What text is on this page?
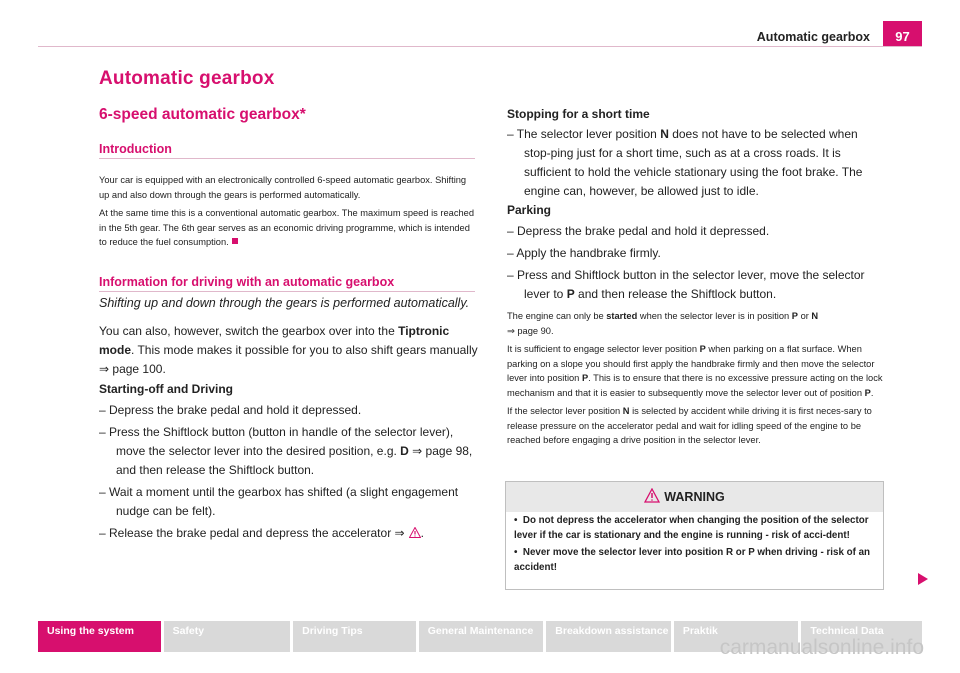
Automatic gearbox	97
Automatic gearbox
6-speed automatic gearbox*
Introduction

Your car is equipped with an electronically controlled 6-speed automatic gearbox. Shifting up and also down through the gears is performed automatically.

At the same time this is a conventional automatic gearbox. The maximum speed is reached in the 5th gear. The 6th gear serves as an economic driving programme, which is intended to reduce the fuel consumption.

Information for driving with an automatic gearbox
Shifting up and down through the gears is performed automatically.
You can also, however, switch the gearbox over into the Tiptronic mode. This mode makes it possible for you to also shift gears manually
⇒ page 100.
Starting-off and Driving

– Depress the brake pedal and hold it depressed.

– Press the Shiftlock button (button in handle of the selector lever), move the selector lever into the desired position, e.g. D ⇒ page 98,
and then release the Shiftlock button.

– Wait a moment until the gearbox has shifted (a slight engagement nudge can be felt).

– Release the brake pedal and depress the accelerator ⇒ .

Stopping for a short time

– The selector lever position N does not have to be selected when stop-ping just for a short time, such as at a cross roads. It is sufficient to hold the vehicle stationary using the foot brake. The engine can, however, be allowed just to idle.

Parking

– Depress the brake pedal and hold it depressed.

– Apply the handbrake firmly.

– Press and Shiftlock button in the selector lever, move the selector lever to P and then release the Shiftlock button.

The engine can only be started when the selector lever is in position P or N
⇒ page 90.

It is sufficient to engage selector lever position P when parking on a flat surface. When parking on a slope you should first apply the handbrake firmly and then move the selector lever into position P. This is to ensure that there is no excessive pressure acting on the lock mechanism and that it is easier to subsequently move the selector lever out of position P.

If the selector lever position N is selected by accident while driving it is first neces-sary to release pressure on the accelerator pedal and wait for idling speed of the engine to be reached before engaging a drive position in the selector lever.

WARNING

•  Do not depress the accelerator when changing the position of the selector lever if the car is stationary and the engine is running - risk of acci-dent!

•  Never move the selector lever into position R or P when driving - risk of an accident!

Using the system	Safety	Driving Tips	General Maintenance	Breakdown assistance	Praktik	Technical Data
carmanualsonline.info
